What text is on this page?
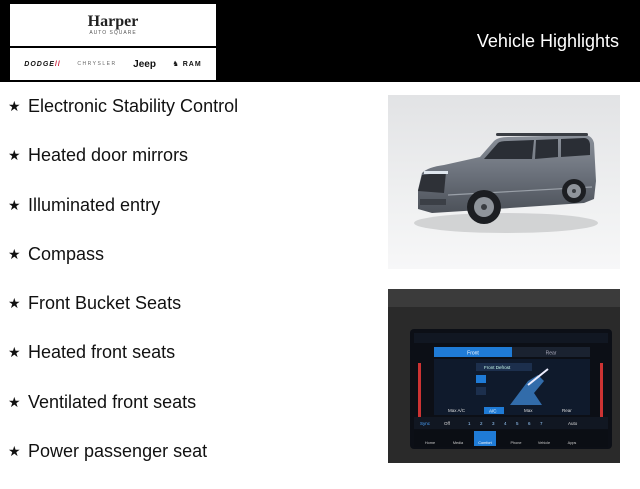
Harper
AUTO SQUARE
DODGE//	CHRYSLER Jeep ♞ RAM
Vehicle Highlights
★ Electronic Stability Control
★ Heated door mirrors
★ Illuminated entry
★ Compass
★ Front Bucket Seats
★ Heated front seats
★ Ventilated front seats
★ Power passenger seat
Front	Rear
Front Defrost
Max A/C	A/C	Max	Rear
Sync	Off	1 2 3 4 5 6 7	Auto
Home	Media	Comfort	Phone	Vehicle	Apps
